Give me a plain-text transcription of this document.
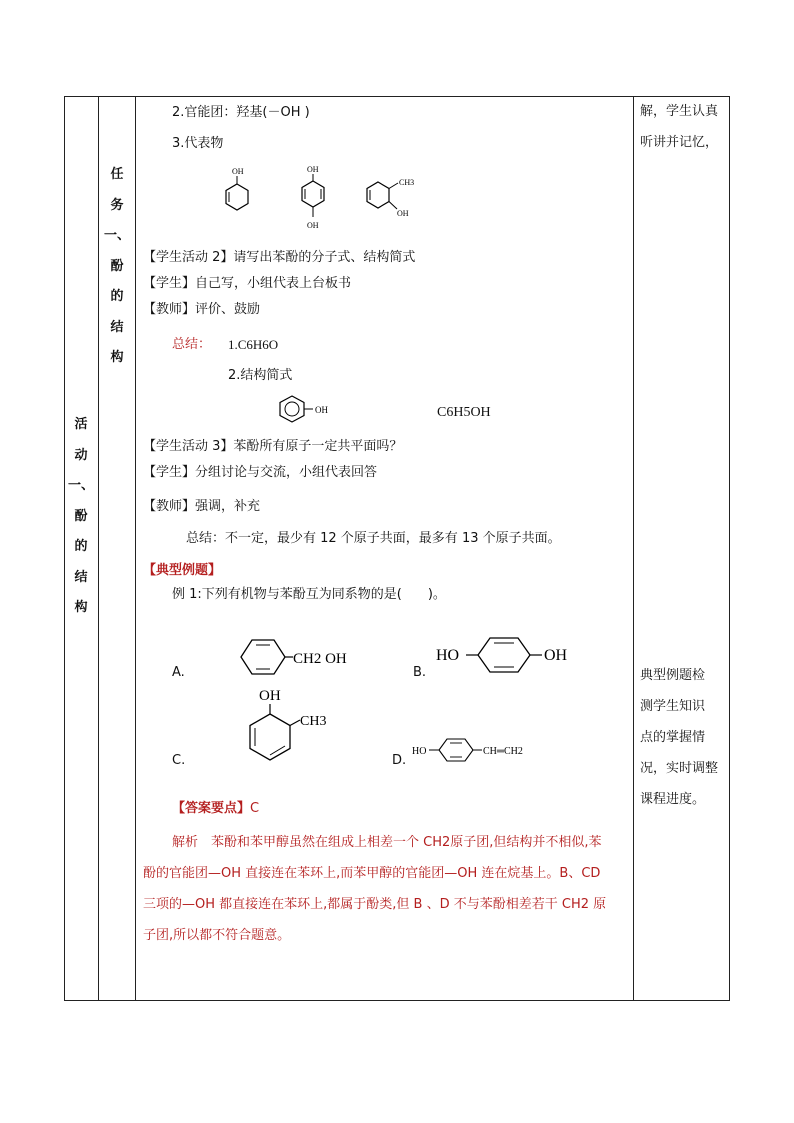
活
动
一、
酚
的
结
构
任
务
一、
酚
的
结
构
2.官能团：羟基(－OH )
3.代表物
OH	OH
OH
CH3
OH
【学生活动 2】请写出苯酚的分子式、结构简式
【学生】自己写，小组代表上台板书
【教师】评价、鼓励
总结： 1.C6H6O
2.结构简式
OH	C6H5OH
【学生活动 3】苯酚所有原子一定共平面吗？
【学生】分组讨论与交流，小组代表回答
【教师】强调，补充
总结：不一定，最少有 12 个原子共面，最多有 13 个原子共面。
【典型例题】
例 1:下列有机物与苯酚互为同系物的是(　　)。
A.
CH2 OH
B.
HO	OH
C.
OH
CH3
D.
HO	CH═CH2
【答案要点】C
解析　苯酚和苯甲醇虽然在组成上相差一个 CH2原子团,但结构并不相似,苯
酚的官能团—OH 直接连在苯环上,而苯甲醇的官能团—OH 连在烷基上。B、CD
三项的—OH 都直接连在苯环上,都属于酚类,但 B 、D 不与苯酚相差若干 CH2 原
子团,所以都不符合题意。
解，学生认真
听讲并记忆，
典型例题检
测学生知识
点的掌握情
况，实时调整
课程进度。
